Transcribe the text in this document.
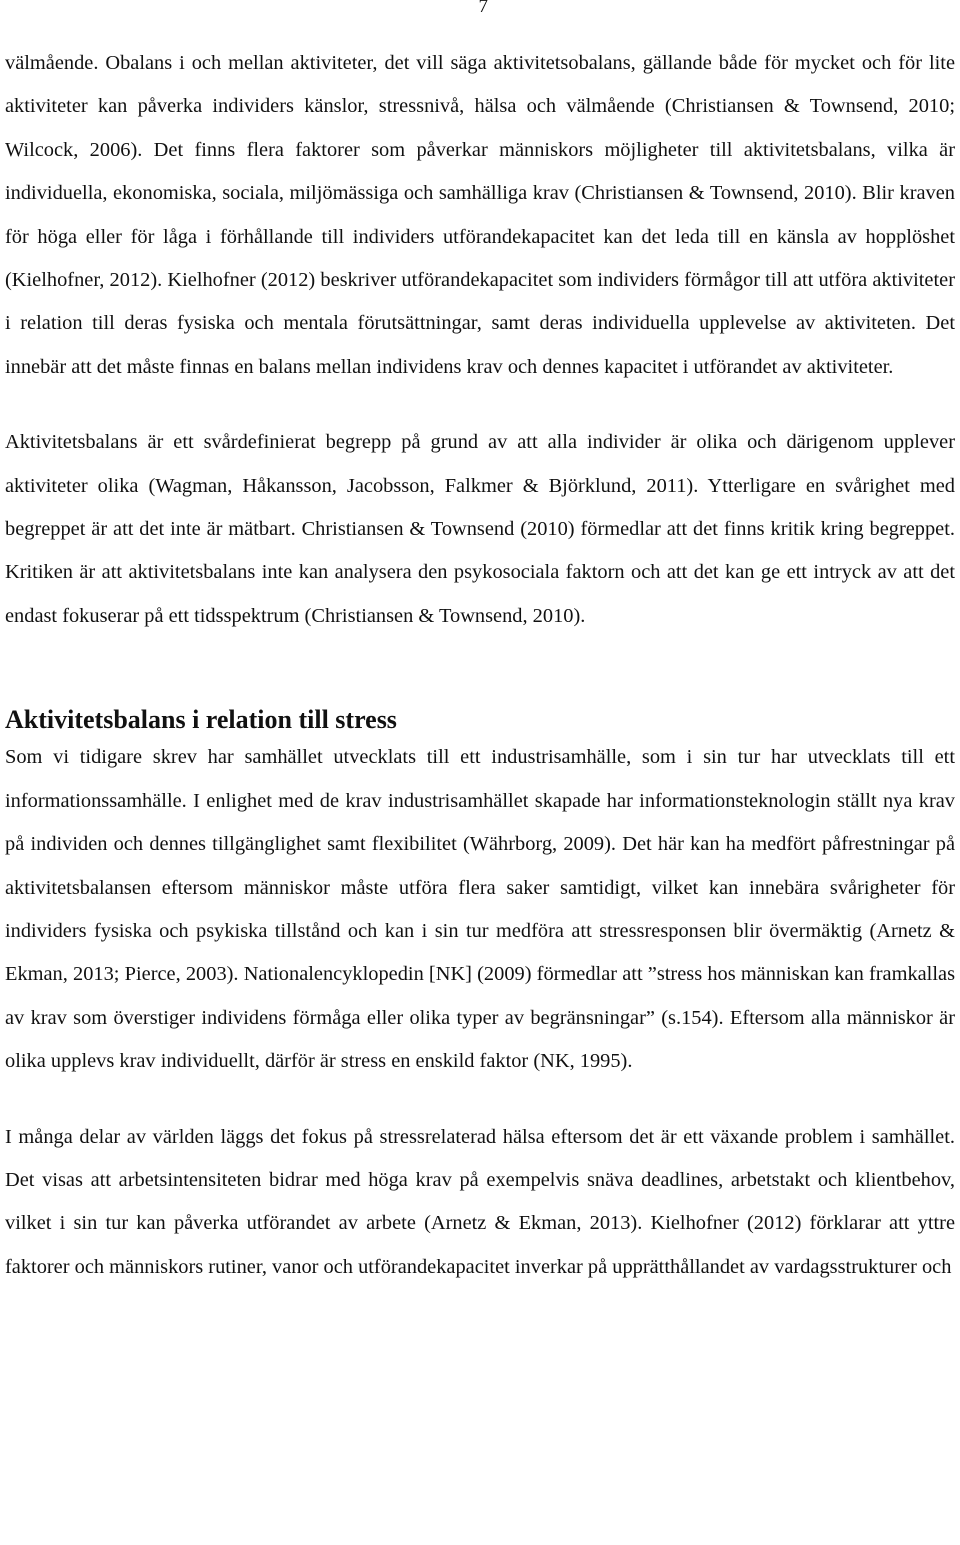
7

välmående. Obalans i och mellan aktiviteter, det vill säga aktivitetsobalans, gällande både för mycket och för lite aktiviteter kan påverka individers känslor, stressnivå, hälsa och välmående (Christiansen & Townsend, 2010; Wilcock, 2006). Det finns flera faktorer som påverkar människors möjligheter till aktivitetsbalans, vilka är individuella, ekonomiska, sociala, miljömässiga och samhälliga krav (Christiansen & Townsend, 2010). Blir kraven för höga eller för låga i förhållande till individers utförandekapacitet kan det leda till en känsla av hopplöshet (Kielhofner, 2012). Kielhofner (2012) beskriver utförandekapacitet som individers förmågor till att utföra aktiviteter i relation till deras fysiska och mentala förutsättningar, samt deras individuella upplevelse av aktiviteten. Det innebär att det måste finnas en balans mellan individens krav och dennes kapacitet i utförandet av aktiviteter.

Aktivitetsbalans är ett svårdefinierat begrepp på grund av att alla individer är olika och därigenom upplever aktiviteter olika (Wagman, Håkansson, Jacobsson, Falkmer & Björklund, 2011). Ytterligare en svårighet med begreppet är att det inte är mätbart. Christiansen & Townsend (2010) förmedlar att det finns kritik kring begreppet. Kritiken är att aktivitetsbalans inte kan analysera den psykosociala faktorn och att det kan ge ett intryck av att det endast fokuserar på ett tidsspektrum (Christiansen & Townsend, 2010).

Aktivitetsbalans i relation till stress

Som vi tidigare skrev har samhället utvecklats till ett industrisamhälle, som i sin tur har utvecklats till ett informationssamhälle. I enlighet med de krav industrisamhället skapade har informationsteknologin ställt nya krav på individen och dennes tillgänglighet samt flexibilitet (Währborg, 2009). Det här kan ha medfört påfrestningar på aktivitetsbalansen eftersom människor måste utföra flera saker samtidigt, vilket kan innebära svårigheter för individers fysiska och psykiska tillstånd och kan i sin tur medföra att stressresponsen blir övermäktig (Arnetz & Ekman, 2013; Pierce, 2003). Nationalencyklopedin [NK] (2009) förmedlar att ”stress hos människan kan framkallas av krav som överstiger individens förmåga eller olika typer av begränsningar” (s.154). Eftersom alla människor är olika upplevs krav individuellt, därför är stress en enskild faktor (NK, 1995).

I många delar av världen läggs det fokus på stressrelaterad hälsa eftersom det är ett växande problem i samhället. Det visas att arbetsintensiteten bidrar med höga krav på exempelvis snäva deadlines, arbetstakt och klientbehov, vilket i sin tur kan påverka utförandet av arbete (Arnetz & Ekman, 2013). Kielhofner (2012) förklarar att yttre faktorer och människors rutiner, vanor och utförandekapacitet inverkar på upprätthållandet av vardagsstrukturer och
